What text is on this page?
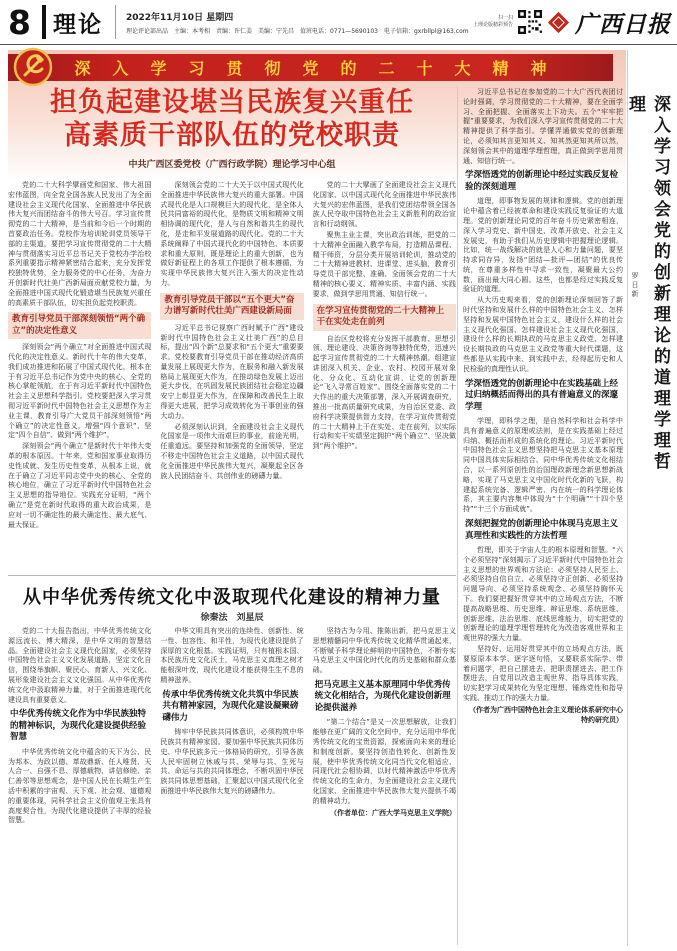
8 理论	2022年11月10日 星期四
理论评论部出品　主编：本考相　责编：许仁姜　美编：宁先昌　值班电话：0771—5690103　电子信箱：gxrbllpl@163.com
扫一扫
上理论版精彩预告	广西日报
深入学习贯彻党的二十大精神
担负起建设堪当民族复兴重任
高素质干部队伍的党校职责
中共广西区委党校（广西行政学院）理论学习中心组

党的二十大科学擘画党和国家、伟大祖国宏伟蓝图，向全党全国各族人民发出了为全面建设社会主义现代化国家、全面推进中华民族伟大复兴而团结奋斗的伟大号召。学习宣传贯彻党的二十大精神，是当前和今后一个时期的首要政治任务。党校作为培训轮训党员领导干部的主渠道，要把学习宣传贯彻党的二十大精神与贯彻落实习近平总书记关于党校办学治校系列重要指示精神紧密结合起来，充分发挥党校独特优势，全力服务党的中心任务，为奋力开创新时代壮美广西新局面贡献党校力量，为全面推进中国式现代化锻造堪当民族复兴重任的高素质干部队伍，切实担负起党校职责。

教育引导党员干部深刻领悟“两个确立”的决定性意义

深刻领会“两个确立”对全面推进中国式现代化的决定性意义。新时代十年的伟大变革，我们成功推进和拓展了中国式现代化，根本在于有习近平总书记作为党中央的核心、全党的核心掌舵领航，在于有习近平新时代中国特色社会主义思想科学指引。党校要把深入学习贯彻习近平新时代中国特色社会主义思想作为主业主课，教育引导广大党员干部深刻领悟“两个确立”的决定性意义，增强“四个意识”、坚定“四个自信”、做到“两个维护”。

深刻领会“两个确立”是新时代十年伟大变革的根本原因。十年来，党和国家事业取得历史性成就、发生历史性变革，从根本上说，就在于确立了习近平同志党中央的核心、全党的核心地位，确立了习近平新时代中国特色社会主义思想的指导地位。实践充分证明，“两个确立”是党在新时代取得的重大政治成果，是应对一切不确定性的最大确定性、最大底气、最大保证。

深刻领会党的二十大关于以中国式现代化全面推进中华民族伟大复兴的重大部署。中国式现代化是人口规模巨大的现代化，是全体人民共同富裕的现代化，是物质文明和精神文明相协调的现代化，是人与自然和谐共生的现代化，是走和平发展道路的现代化。党的二十大系统阐释了中国式现代化的中国特色、本质要求和重大原则，既是理论上的重大创新，也为做好新征程上的各项工作提供了根本遵循，为实现中华民族伟大复兴注入强大的决定性动力。

教育引导党员干部以“五个更大”奋力谱写新时代壮美广西建设新局面

习近平总书记视察广西时赋予广西“建设新时代中国特色社会主义壮美广西”的总目标，提出“四个新”总要求和“五个更大”重要要求。党校要教育引导党员干部在推动经济高质量发展上展现更大作为，在服务和融入新发展格局上展现更大作为，在推动绿色发展上迈出更大步伐，在巩固发展民族团结社会稳定边疆安宁上彰显更大作为，在保障和改善民生上取得更大进展，把学习成效转化为干事创业的强大动力。

必须深刻认识到，全面建设社会主义现代化国家是一项伟大而艰巨的事业，前途光明，任重道远。要坚持和加强党的全面领导，坚定不移走中国特色社会主义道路，以中国式现代化全面推进中华民族伟大复兴，凝聚起全区各族人民团结奋斗、共创伟业的磅礴力量。

党的二十大擘画了全面建设社会主义现代化国家、以中国式现代化全面推进中华民族伟大复兴的宏伟蓝图，是我们党团结带领全国各族人民夺取中国特色社会主义新胜利的政治宣言和行动纲领。

聚焦主业主课，突出政治训练，把党的二十大精神全面融入教学布局，打造精品课程、精干师资，分层分类开展培训轮训，推动党的二十大精神进教材、进课堂、进头脑，教育引导党员干部完整、准确、全面领会党的二十大精神的核心要义、精神实质、丰富内涵、实践要求，做到学思用贯通、知信行统一。

在学习宣传贯彻党的二十大精神上干在实处走在前列

自治区党校将充分发挥干部教育、思想引领、理论建设、决策咨询等独特优势，迅速兴起学习宣传贯彻党的二十大精神热潮。组建宣讲团深入机关、企业、农村、校园开展对象化、分众化、互动化宣讲，让党的创新理论“飞入寻常百姓家”。围绕全面落实党的二十大作出的重大决策部署，深入开展调查研究，推出一批高质量研究成果，为自治区党委、政府科学决策提供智力支持，在学习宣传贯彻党的二十大精神上干在实处、走在前列，以实际行动和实干实绩坚定拥护“两个确立”、坚决做到“两个维护”。

从中华优秀传统文化中汲取现代化建设的精神力量
徐秦法　刘星辰

党的二十大报告指出，中华优秀传统文化源远流长、博大精深，是中华文明的智慧结晶。全面建设社会主义现代化国家，必须坚持中国特色社会主义文化发展道路，坚定文化自信，围绕举旗帜、聚民心、育新人、兴文化、展形象建设社会主义文化强国。从中华优秀传统文化中汲取精神力量，对于全面推进现代化建设具有重要意义。

中华优秀传统文化作为中华民族独特的精神标识，为现代化建设提供经验智慧

中华优秀传统文化中蕴含的天下为公、民为邦本、为政以德、革故鼎新、任人唯贤、天人合一、自强不息、厚德载物、讲信修睦、亲仁善邻等思想观念，是中国人民在长期生产生活中积累的宇宙观、天下观、社会观、道德观的重要体现，同科学社会主义价值观主张具有高度契合性，为现代化建设提供了丰厚的经验智慧。

中华文明具有突出的连续性、创新性、统一性、包容性、和平性，为现代化建设提供了深厚的文化根基。实践证明，只有植根本国、本民族历史文化沃土，马克思主义真理之树才能根深叶茂，现代化建设才能获得生生不息的精神滋养。

传承中华优秀传统文化共筑中华民族共有精神家园，为现代化建设凝聚磅礴伟力

铸牢中华民族共同体意识，必须构筑中华民族共有精神家园。要加强中华民族共同体历史、中华民族多元一体格局的研究，引导各族人民牢固树立休戚与共、荣辱与共、生死与共、命运与共的共同体理念，不断巩固中华民族共同体思想基础，汇聚起以中国式现代化全面推进中华民族伟大复兴的磅礴伟力。

坚持古为今用、推陈出新，把马克思主义思想精髓同中华优秀传统文化精华贯通起来，不断赋予科学理论鲜明的中国特色，不断夯实马克思主义中国化时代化的历史基础和群众基础。

把马克思主义基本原理同中华优秀传统文化相结合，为现代化建设创新理论提供滋养

“第二个结合”是又一次思想解放，让我们能够在更广阔的文化空间中，充分运用中华优秀传统文化的宝贵资源，探索面向未来的理论和制度创新。要坚持创造性转化、创新性发展，使中华优秀传统文化同当代文化相适应、同现代社会相协调，以时代精神激活中华优秀传统文化的生命力，为全面建设社会主义现代化国家、全面推进中华民族伟大复兴提供不竭的精神动力。

（作者单位：广西大学马克思主义学院）

习近平总书记在参加党的二十大广西代表团讨论时强调，学习贯彻党的二十大精神，要在全面学习、全面把握、全面落实上下功夫。五个“牢牢把握”重要要求，为我们深入学习宣传贯彻党的二十大精神提供了科学指引。学懂弄通做实党的创新理论，必须知其言更知其义、知其然更知其所以然，深刻领会其中的道理学理哲理，真正做到学思用贯通、知信行统一。

学深悟透党的创新理论中经过实践反复检验的深刻道理

道理，即事物发展的规律和逻辑。党的创新理论中蕴含着已经被革命和建设实践反复验证的大道理。党的创新理论同党的百年奋斗历史紧密相连，深入学习党史、新中国史、改革开放史、社会主义发展史，有助于我们从历史逻辑中把握理论逻辑。比如，统一战线解决的就是人心和力量问题，要坚持求同存异，发扬“团结—批评—团结”的优良传统，在尊重多样性中寻求一致性，凝聚最大公约数，画出最大同心圆。这些，也都是经过实践反复验证的道理。

从大历史观来看，党的创新理论深刻回答了新时代坚持和发展什么样的中国特色社会主义、怎样坚持和发展中国特色社会主义，建设什么样的社会主义现代化强国、怎样建设社会主义现代化强国，建设什么样的长期执政的马克思主义政党、怎样建设长期执政的马克思主义政党等重大时代课题，这些都是从实践中来、到实践中去，经得起历史和人民检验的真理性认识。

学深悟透党的创新理论中在实践基础上经过归纳概括而得出的具有普遍意义的深邃学理

学理，即科学之理，是自然科学和社会科学中具有普遍意义的原理或法则，是在实践基础上经过归纳、概括而形成的系统化的理论。习近平新时代中国特色社会主义思想坚持把马克思主义基本原理同中国具体实际相结合、同中华优秀传统文化相结合，以一系列原创性的治国理政新理念新思想新战略，实现了马克思主义中国化时代化新的飞跃，构建起系统完备、逻辑严密、内在统一的科学理论体系，其主要内容集中体现为“十个明确”“十四个坚持”“十三个方面成就”。

深刻把握党的创新理论中体现马克思主义真理性和实践性的方法哲理

哲理，即关于宇宙人生的根本原理和智慧。“六个必须坚持”深刻揭示了习近平新时代中国特色社会主义思想的世界观和方法论：必须坚持人民至上、必须坚持自信自立、必须坚持守正创新、必须坚持问题导向、必须坚持系统观念、必须坚持胸怀天下。我们要把握好贯穿其中的立场观点方法，不断提高战略思维、历史思维、辩证思维、系统思维、创新思维、法治思维、底线思维能力，切实把党的创新理论的道理学理哲理转化为改造客观世界和主观世界的强大力量。

坚持好、运用好贯穿其中的立场观点方法，既要原原本本学、逐字逐句悟，又要联系实际学、带着问题学，把自己摆进去、把职责摆进去、把工作摆进去，自觉用以改造主观世界、指导具体实践，切实把学习成果转化为坚定理想、锤炼党性和指导实践、推动工作的强大力量。

（作者为广西中国特色社会主义理论体系研究中心特约研究员）

深入学习领会党的创新理论的道理学理哲理
罗日新
